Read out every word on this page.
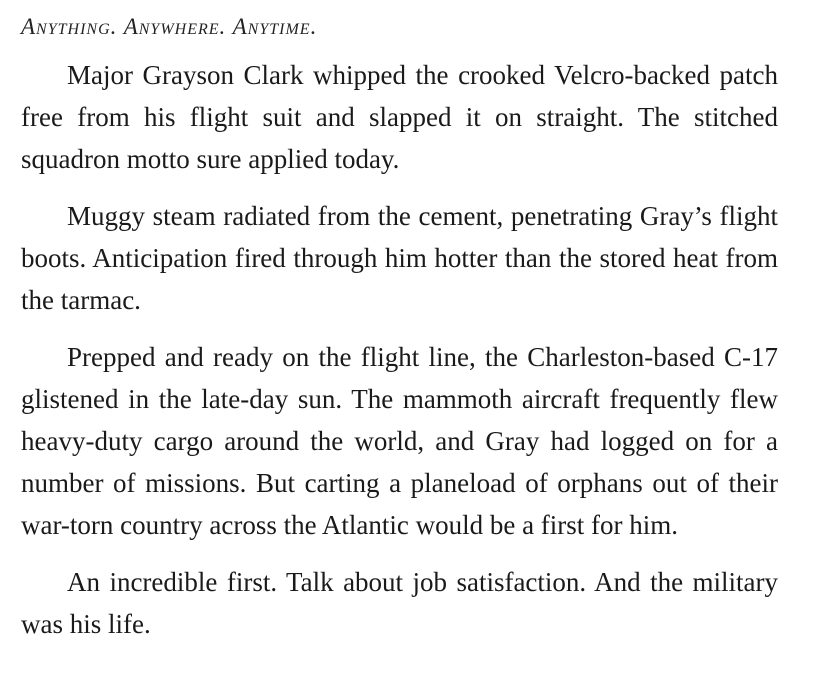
Anything. Anywhere. Anytime.

Major Grayson Clark whipped the crooked Velcro-backed patch free from his flight suit and slapped it on straight. The stitched squadron motto sure applied today.

Muggy steam radiated from the cement, penetrating Gray’s flight boots. Anticipation fired through him hotter than the stored heat from the tarmac.

Prepped and ready on the flight line, the Charleston-based C-17 glistened in the late-day sun. The mammoth aircraft frequently flew heavy-duty cargo around the world, and Gray had logged on for a number of missions. But carting a planeload of orphans out of their war-torn country across the Atlantic would be a first for him.

An incredible first. Talk about job satisfaction. And the military was his life.
